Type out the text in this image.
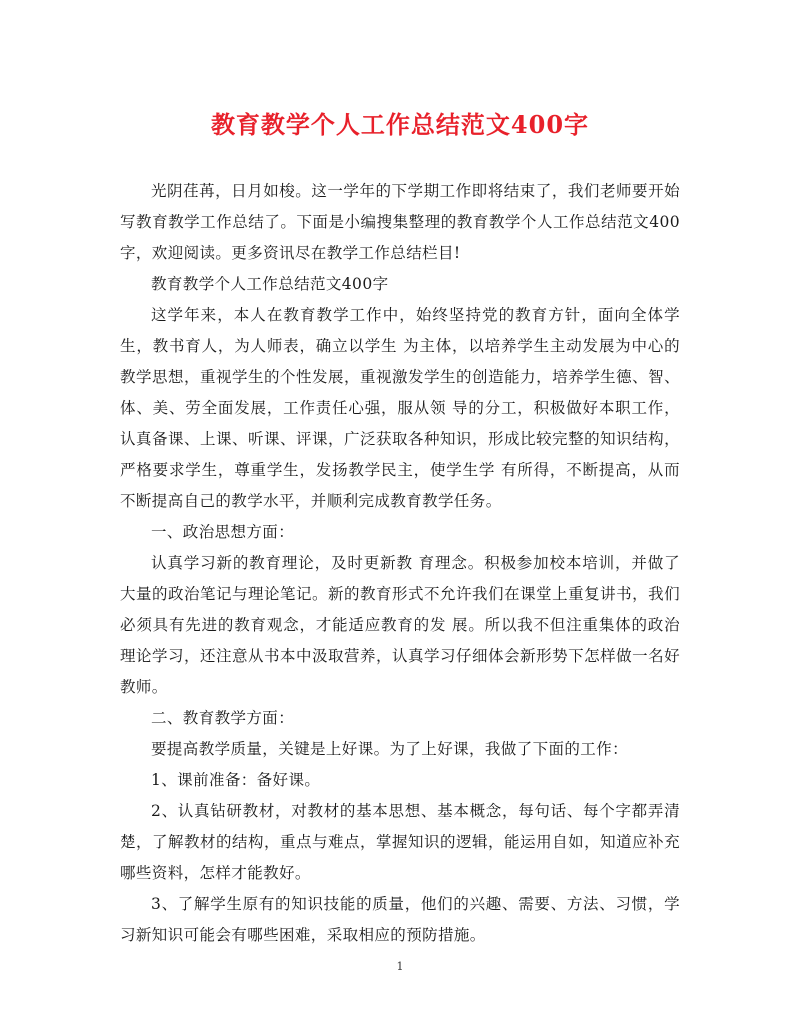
教育教学个人工作总结范文400字

光阴荏苒，日月如梭。这一学年的下学期工作即将结束了，我们老师要开始写教育教学工作总结了。下面是小编搜集整理的教育教学个人工作总结范文400字，欢迎阅读。更多资讯尽在教学工作总结栏目!

教育教学个人工作总结范文400字

这学年来，本人在教育教学工作中，始终坚持党的教育方针，面向全体学生，教书育人，为人师表，确立以学生 为主体，以培养学生主动发展为中心的教学思想，重视学生的个性发展，重视激发学生的创造能力，培养学生德、智、体、美、劳全面发展，工作责任心强，服从领 导的分工，积极做好本职工作，认真备课、上课、听课、评课，广泛获取各种知识，形成比较完整的知识结构，严格要求学生，尊重学生，发扬教学民主，使学生学 有所得，不断提高，从而不断提高自己的教学水平，并顺利完成教育教学任务。

一、政治思想方面：

认真学习新的教育理论，及时更新教 育理念。积极参加校本培训，并做了大量的政治笔记与理论笔记。新的教育形式不允许我们在课堂上重复讲书，我们必须具有先进的教育观念，才能适应教育的发 展。所以我不但注重集体的政治理论学习，还注意从书本中汲取营养，认真学习仔细体会新形势下怎样做一名好教师。

二、教育教学方面：

要提高教学质量，关键是上好课。为了上好课，我做了下面的工作：

1、课前准备：备好课。

2、认真钻研教材，对教材的基本思想、基本概念，每句话、每个字都弄清楚，了解教材的结构，重点与难点，掌握知识的逻辑，能运用自如，知道应补充哪些资料，怎样才能教好。

3、了解学生原有的知识技能的质量，他们的兴趣、需要、方法、习惯，学习新知识可能会有哪些困难，采取相应的预防措施。

1
